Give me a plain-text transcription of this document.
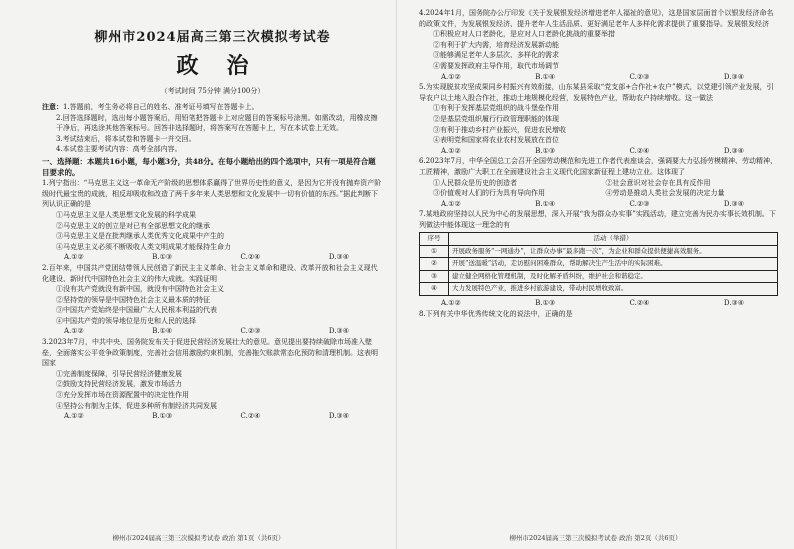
柳州市2024届高三第三次模拟考试卷
政治
（考试时间 75分钟 满分100分）

注意：1.答题前，考生务必将自己的姓名、准考证号填写在答题卡上。

2.回答选择题时，选出每小题答案后，用铅笔把答题卡上对应题目的答案标号涂黑。如需改动，用橡皮擦干净后，再选涂其他答案标号。回答非选择题时，将答案写在答题卡上，写在本试卷上无效。

3.考试结束后，将本试卷和答题卡一并交回。

4.本试卷主要考试内容：高考全部内容。

一、选择题：本题共16小题，每小题3分，共48分。在每小题给出的四个选项中，只有一项是符合题目要求的。

1.列宁指出：“马克思主义这一革命无产阶级的思想体系赢得了世界历史性的意义，是因为它并没有抛弃资产阶级时代最宝贵的成就，相反却吸收和改造了两千多年来人类思想和文化发展中一切有价值的东西。”据此判断下列认识正确的是

①马克思主义是人类思想文化发展的科学成果

②马克思主义的创立是对已有全部思想文化的继承

③马克思主义是在批判继承人类优秀文化成果中产生的

④马克思主义必须不断吸收人类文明成果才能保持生命力

A.①②	B.①③	C.②④	D.③④

2.百年来，中国共产党团结带领人民创造了新民主主义革命、社会主义革命和建设、改革开放和社会主义现代化建设、新时代中国特色社会主义的伟大成就。实践证明

①没有共产党就没有新中国，就没有中国特色社会主义

②坚持党的领导是中国特色社会主义最本质的特征

③中国共产党始终是中国最广大人民根本利益的代表

④中国共产党的领导地位是历史和人民的选择

A.①②	B.①④	C.②③	D.③④

3.2023年7月，中共中央、国务院发布关于促进民营经济发展壮大的意见。意见提出要持续破除市场准入壁垒，全面落实公平竞争政策制度，完善社会信用激励约束机制，完善拖欠账款常态化预防和清理机制。这表明国家

①完善制度保障，引导民营经济健康发展

②鼓励支持民营经济发展，激发市场活力

③充分发挥市场在资源配置中的决定性作用

④坚持公有制为主体，促进多种所有制经济共同发展

A.①②	B.①③	C.②④	D.③④
柳州市2024届高三第三次模拟考试卷 政治 第1页（共6页）

4.2024年1月，国务院办公厅印发《关于发展银发经济增进老年人福祉的意见》，这是国家层面首个以银发经济命名的政策文件，为发展银发经济、提升老年人生活品质、更好满足老年人多样化需求提供了重要指导。发展银发经济

①积极应对人口老龄化，是应对人口老龄化挑战的重要举措

②有利于扩大内需，培育经济发展新动能

③能够满足老年人多层次、多样化的需求

④需要发挥政府主导作用，取代市场调节

A.①②	B.①④	C.②③	D.③④

5.为实现脱贫攻坚成果同乡村振兴有效衔接，山东某县采取“党支部+合作社+农户”模式，以党建引领产业发展，引导农户以土地入股合作社，推动土地规模化经营，发展特色产业，帮助农户持续增收。这一做法

①有利于发挥基层党组织的战斗堡垒作用

②是基层党组织履行行政管理职能的体现

③有利于推动乡村产业振兴，促进农民增收

④表明党和国家将农业农村发展放在首位

A.①②	B.①③	C.②④	D.③④

6.2023年7月，中华全国总工会召开全国劳动模范和先进工作者代表座谈会，强调要大力弘扬劳模精神、劳动精神、工匠精神，激励广大职工在全面建设社会主义现代化国家新征程上建功立业。这体现了

①人民群众是历史的创造者	②社会意识对社会存在具有反作用
③价值观对人们的行为具有导向作用	④劳动是推动人类社会发展的决定力量
A.①②	B.①④	C.②③	D.③④

7.某地政府坚持以人民为中心的发展思想，深入开展“我为群众办实事”实践活动，建立完善为民办实事长效机制。下列做法中能体现这一理念的有

序号	活动（举措）
①	开展政务服务“一网通办”，让群众办事“最多跑一次”，为企业和群众提供便捷高效服务。
②	开展“送温暖”活动，走访慰问困难群众，帮助解决生产生活中的实际困难。
③	建立健全网格化管理机制，及时化解矛盾纠纷，维护社会和谐稳定。
④	大力发展特色产业，推进乡村旅游建设，带动村民增收致富。
A.①②	B.①③	C.②④	D.③④

8.下列有关中华优秀传统文化的说法中，正确的是

柳州市2024届高三第三次模拟考试卷 政治 第2页（共6页）
